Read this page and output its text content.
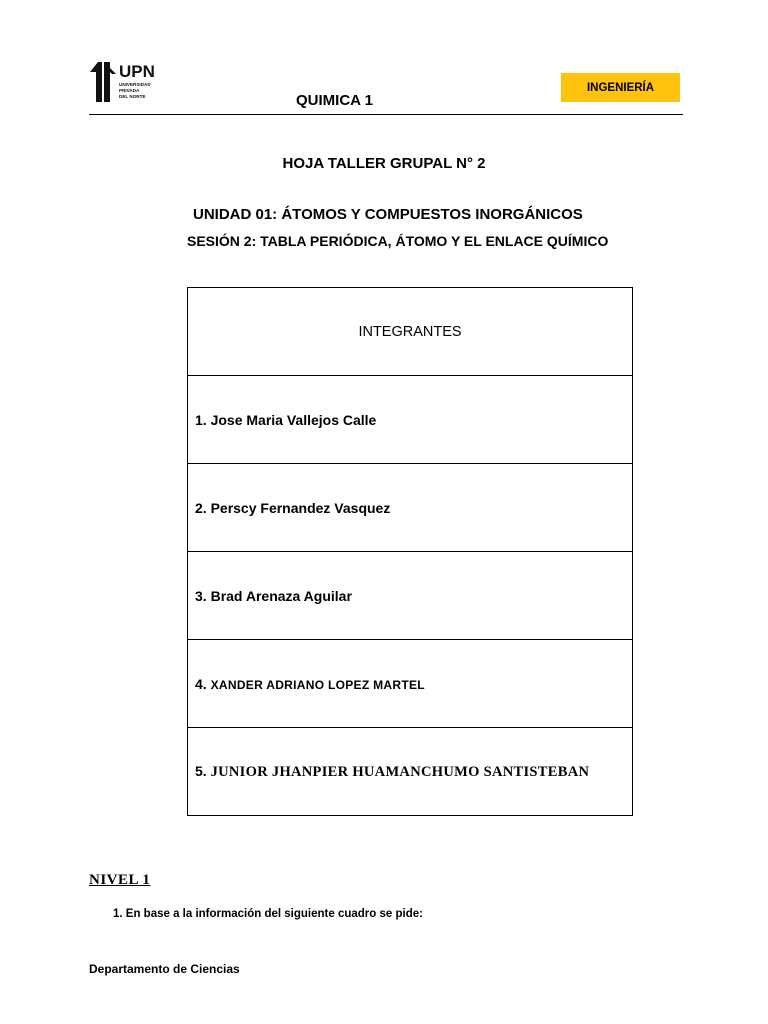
UPN
UNIVERSIDAD
PRIVADA
DEL NORTE	QUIMICA 1
INGENIERÍA
HOJA TALLER GRUPAL N° 2
UNIDAD 01: ÁTOMOS Y COMPUESTOS INORGÁNICOS
SESIÓN 2: TABLA PERIÓDICA, ÁTOMO Y EL ENLACE QUÍMICO
INTEGRANTES
1. Jose Maria Vallejos Calle
2. Perscy Fernandez Vasquez
3. Brad Arenaza Aguilar
4. XANDER ADRIANO LOPEZ MARTEL
5. JUNIOR JHANPIER HUAMANCHUMO SANTISTEBAN
NIVEL 1
1. En base a la información del siguiente cuadro se pide:
Departamento de Ciencias
